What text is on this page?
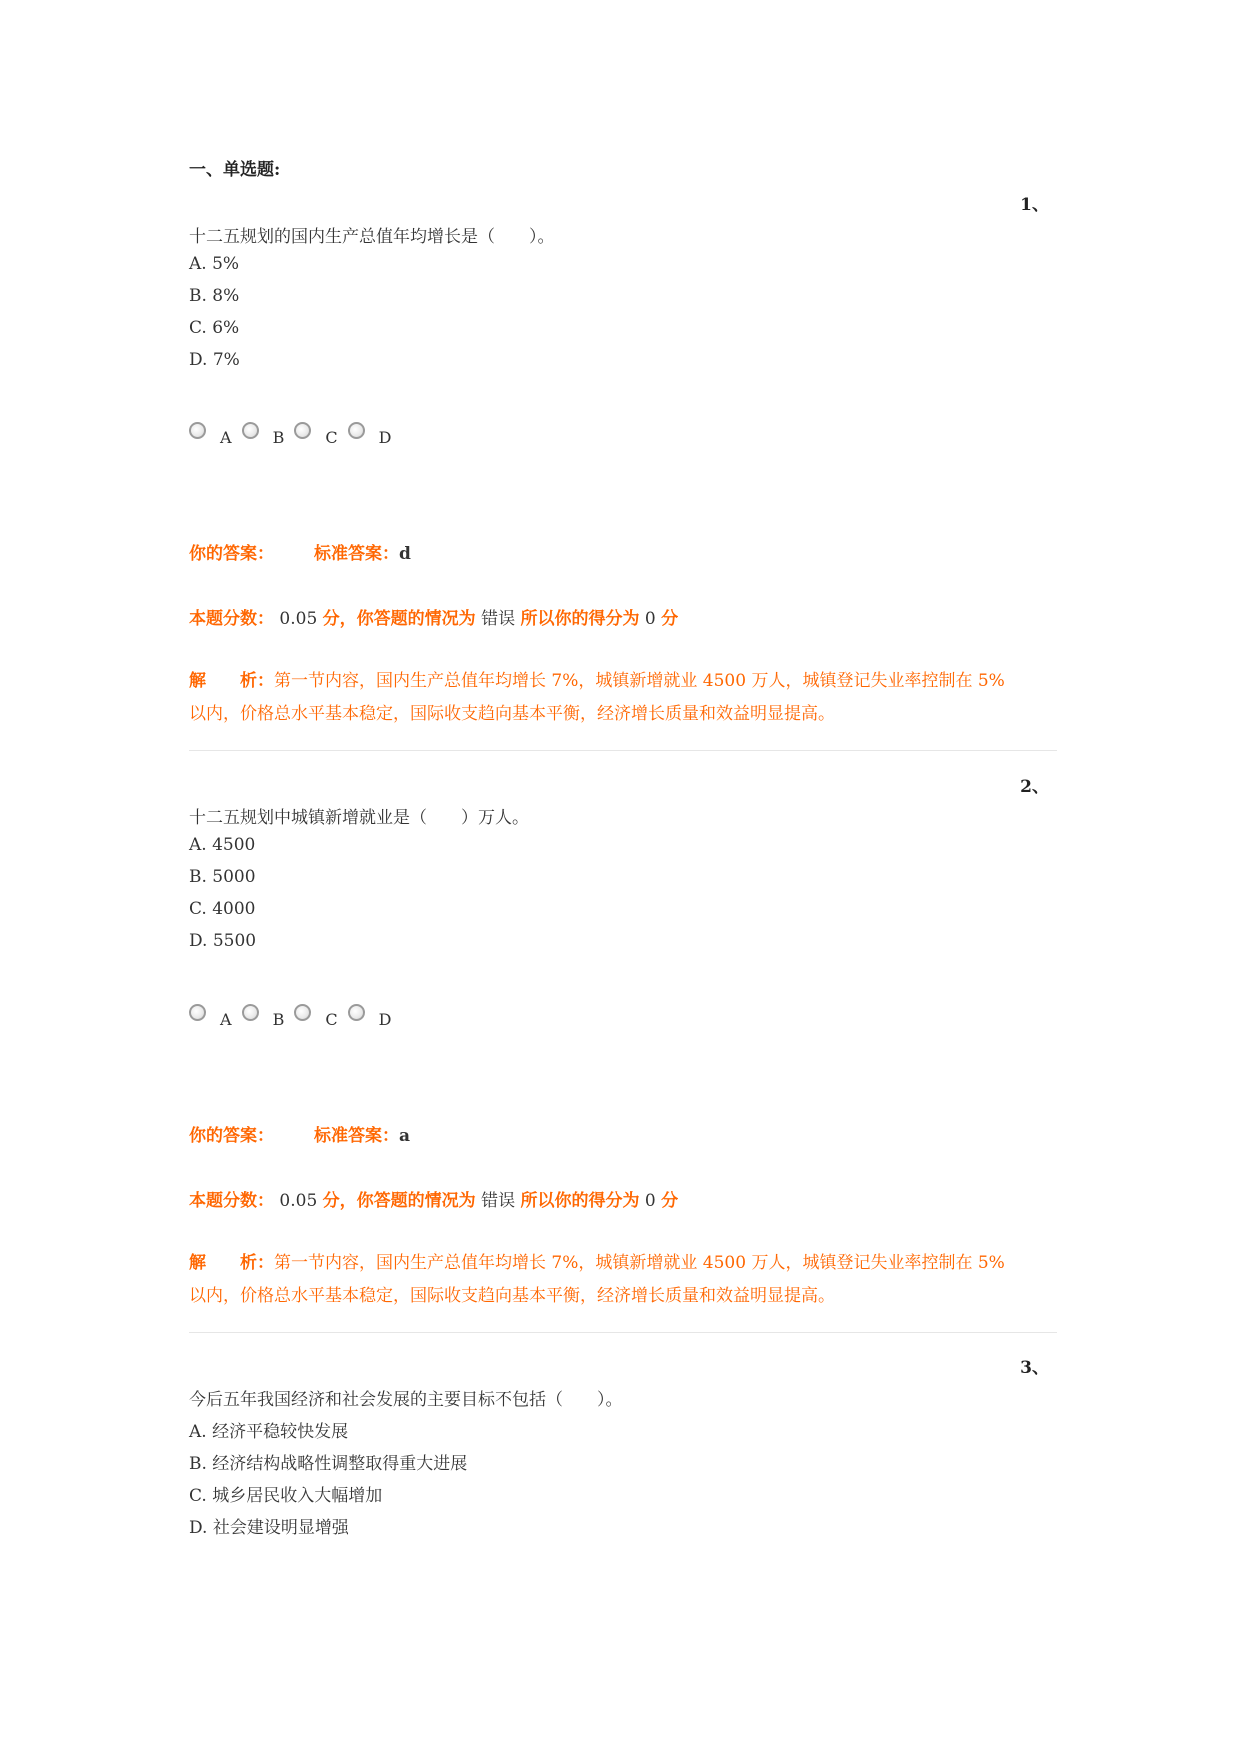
一、单选题:
1、
十二五规划的国内生产总值年均增长是（　　）。
A. 5%
B. 8%
C. 6%
D. 7%
A	B	C	D
你的答案： 标准答案：d
本题分数： 0.05 分，你答题的情况为 错误 所以你的得分为 0 分
解　　析：第一节内容，国内生产总值年均增长 7%，城镇新增就业 4500 万人，城镇登记失业率控制在 5%
以内，价格总水平基本稳定，国际收支趋向基本平衡，经济增长质量和效益明显提高。
2、
十二五规划中城镇新增就业是（　　）万人。
A. 4500
B. 5000
C. 4000
D. 5500
A	B	C	D
你的答案： 标准答案：a
本题分数： 0.05 分，你答题的情况为 错误 所以你的得分为 0 分
解　　析：第一节内容，国内生产总值年均增长 7%，城镇新增就业 4500 万人，城镇登记失业率控制在 5%
以内，价格总水平基本稳定，国际收支趋向基本平衡，经济增长质量和效益明显提高。
3、
今后五年我国经济和社会发展的主要目标不包括（　　）。
A. 经济平稳较快发展
B. 经济结构战略性调整取得重大进展
C. 城乡居民收入大幅增加
D. 社会建设明显增强
